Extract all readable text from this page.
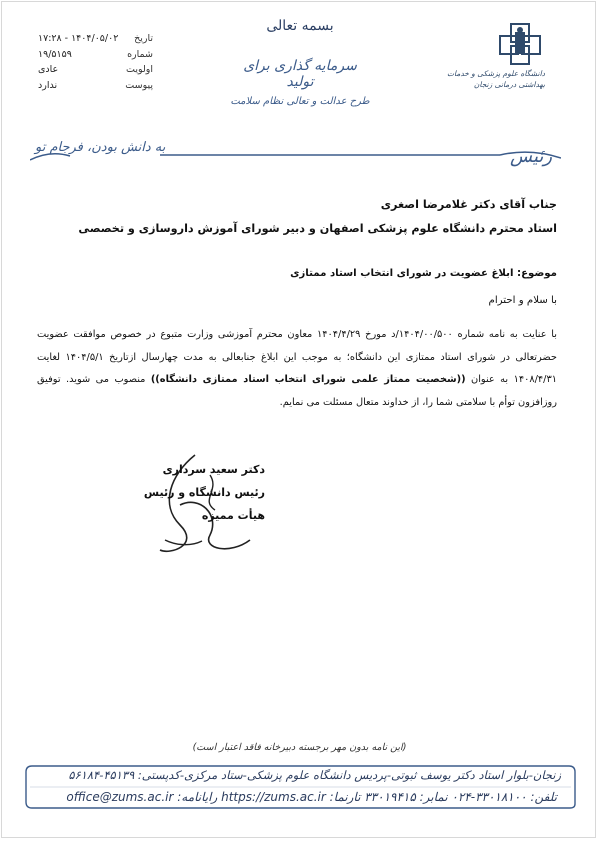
تاریخ
۱۷:۲۸ - ۱۴۰۴/۰۵/۰۲
شماره
۱۹/۵۱۵۹
اولویت
عادی
پیوست
ندارد
بسمه تعالی
سرمایه گذاری برای تولید
طرح عدالت و تعالی نظام سلامت
دانشگاه علوم پزشکی و خدمات
بهداشتی درمانی زنجان
به دانش بودن، فرجام تو	رئیس
جناب آقای دکتر غلامرضا اصغری
استاد محترم دانشگاه علوم پزشکی اصفهان و دبیر شورای آموزش داروسازی و تخصصی
موضوع: ابلاغ عضویت در شورای انتخاب استاد ممتازی
با سلام و احترام
با عنایت به نامه شماره ۱۴۰۴/۰۰/۵۰۰/د مورخ ۱۴۰۴/۴/۲۹ معاون محترم آموزشی وزارت متبوع در خصوص موافقت عضویت حضرتعالی در شورای استاد ممتازی این دانشگاه؛ به موجب این ابلاغ جنابعالی به مدت چهارسال ازتاریخ ۱۴۰۴/۵/۱ لغایت ۱۴۰۸/۴/۳۱ به عنوان ((شخصیت ممتاز علمی شورای انتخاب استاد ممتازی دانشگاه)) منصوب می شوید. توفیق روزافزون توأم با سلامتی شما را، از خداوند متعال مسئلت می نمایم.
دکتر سعید سرداری
رئیس دانشگاه و رئیس هیأت ممیزه
(این نامه بدون مهر برجسته دبیرخانه فاقد اعتبار است)
زنجان-بلوار استاد دکتر یوسف ثبوتی-پردیس دانشگاه علوم پزشکی-ستاد مرکزی-کدپستی: ۴۵۱۳۹-۵۶۱۸۴
تلفن: ۳۳۰۱۸۱۰۰-۰۲۴ نمابر: ۳۳۰۱۹۴۱۵ تارنما: https://zums.ac.ir رایانامه: office@zums.ac.ir
